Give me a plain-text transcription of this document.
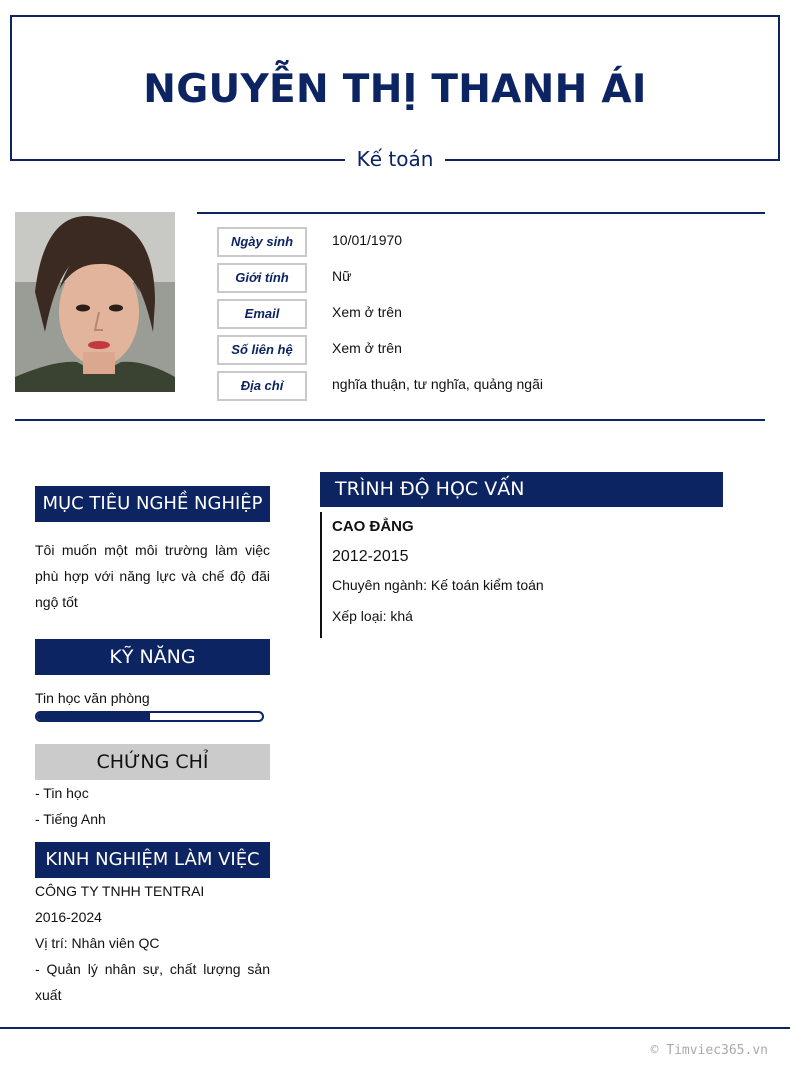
NGUYỄN THỊ THANH ÁI
Kế toán
Ngày sinh	10/01/1970
Giới tính	Nữ
Email	Xem ở trên
Số liên hệ	Xem ở trên
Địa chỉ	nghĩa thuận, tư nghĩa, quảng ngãi
MỤC TIÊU NGHỀ NGHIỆP
Tôi muốn một môi trường làm việc phù hợp với năng lực và chế độ đãi ngộ tốt
KỸ NĂNG
Tin học văn phòng
CHỨNG CHỈ
- Tin học
- Tiếng Anh
KINH NGHIỆM LÀM VIỆC
CÔNG TY TNHH TENTRAI
2016-2024
Vị trí: Nhân viên QC
- Quản lý nhân sự, chất lượng sản xuất
TRÌNH ĐỘ HỌC VẤN
CAO ĐẲNG
2012-2015
Chuyên ngành: Kế toán kiểm toán
Xếp loại: khá
© Timviec365.vn
